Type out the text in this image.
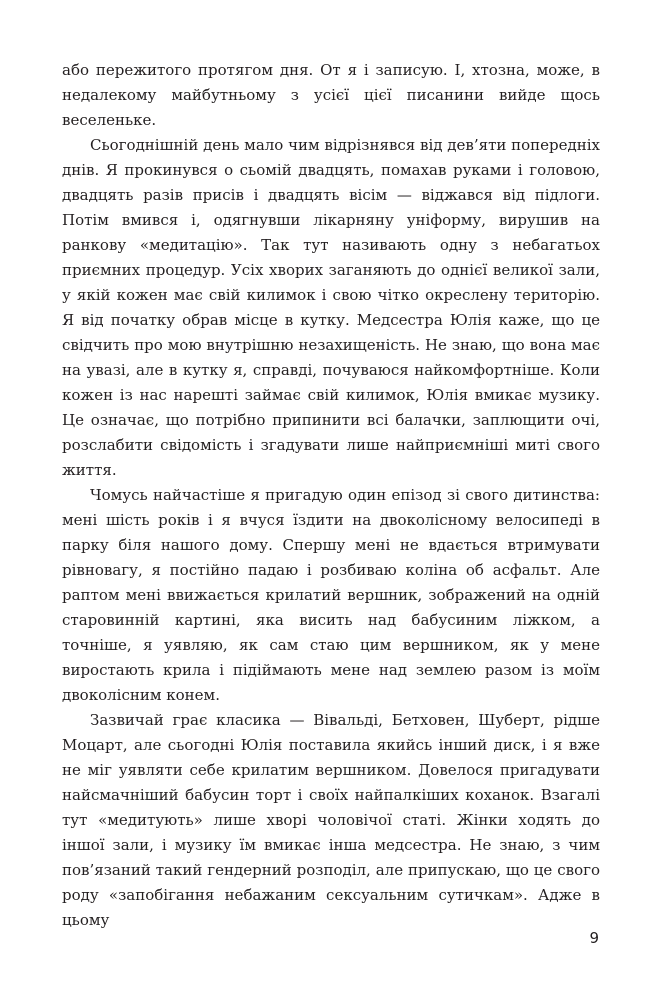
або пережитого протягом дня. От я і записую. І, хтозна, може, в недалекому майбутньому з усієї цієї писанини вийде щось веселеньке.

Сьогоднішній день мало чим відрізнявся від дев’яти попередніх днів. Я прокинувся о сьомій двадцять, помахав руками і головою, двадцять разів присів і двадцять вісім — віджався від підлоги. Потім вмився і, одягнувши лікарняну уніформу, вирушив на ранкову «медитацію». Так тут називають одну з небагатьох приємних процедур. Усіх хворих заганяють до однієї великої зали, у якій кожен має свій килимок і свою чітко окреслену територію. Я від початку обрав місце в кутку. Медсестра Юлія каже, що це свідчить про мою внутрішню незахищеність. Не знаю, що вона має на увазі, але в кутку я, справді, почуваюся найкомфортніше. Коли кожен із нас нарешті займає свій килимок, Юлія вмикає музику. Це означає, що потрібно припинити всі балачки, заплющити очі, розслабити свідомість і згадувати лише найприємніші миті свого життя.

Чомусь найчастіше я пригадую один епізод зі свого дитинства: мені шість років і я вчуся їздити на двоколісному велосипеді в парку біля нашого дому. Спершу мені не вдається втримувати рівновагу, я постійно падаю і розбиваю коліна об асфальт. Але раптом мені ввижається крилатий вершник, зображений на одній старовинній картині, яка висить над бабусиним ліжком, а точніше, я уявляю, як сам стаю цим вершником, як у мене виростають крила і підіймають мене над землею разом із моїм двоколісним конем.

Зазвичай грає класика — Вівальді, Бетховен, Шуберт, рідше Моцарт, але сьогодні Юлія поставила якийсь інший диск, і я вже не міг уявляти себе крилатим вершником. Довелося пригадувати найсмачніший бабусин торт і своїх найпалкіших коханок. Взагалі тут «медитують» лише хворі чоловічої статі. Жінки ходять до іншої зали, і музику їм вмикає інша медсестра. Не знаю, з чим пов’язаний такий гендерний розподіл, але припускаю, що це свого роду «запобігання небажаним сексуальним сутичкам». Адже в цьому

9
